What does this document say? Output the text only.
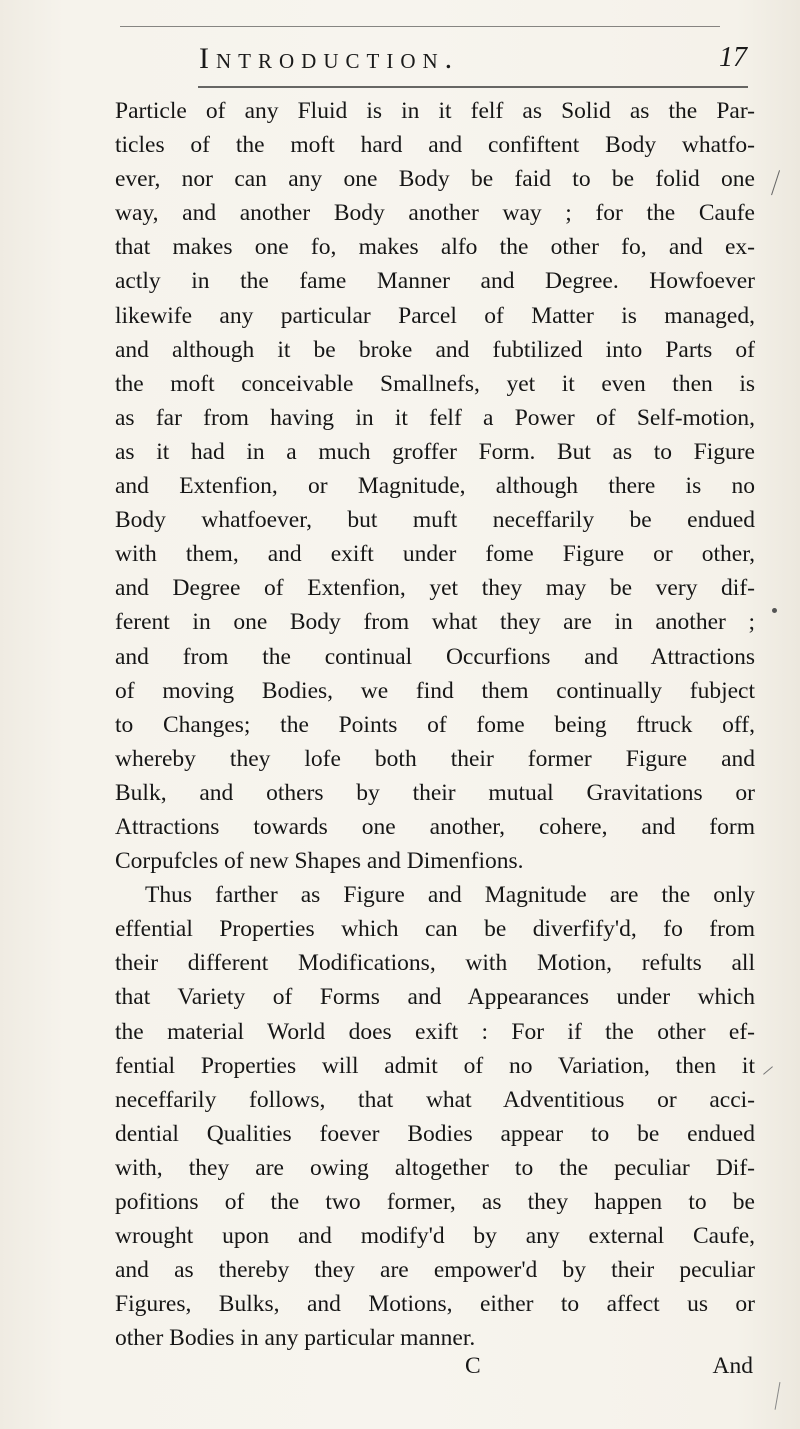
Introduction.	17
Particle of any Fluid is in it felf as Solid as the Par-
ticles of the moft hard and confiftent Body whatfo-
ever, nor can any one Body be faid to be folid one
way, and another Body another way ; for the Caufe
that makes one fo, makes alfo the other fo, and ex-
actly in the fame Manner and Degree. Howfoever
likewife any particular Parcel of Matter is managed,
and although it be broke and fubtilized into Parts of
the moft conceivable Smallnefs, yet it even then is
as far from having in it felf a Power of Self-motion,
as it had in a much groffer Form. But as to Figure
and Extenfion, or Magnitude, although there is no
Body whatfoever, but muft neceffarily be endued
with them, and exift under fome Figure or other,
and Degree of Extenfion, yet they may be very dif-
ferent in one Body from what they are in another ;
and from the continual Occurfions and Attractions
of moving Bodies, we find them continually fubject
to Changes; the Points of fome being ftruck off,
whereby they lofe both their former Figure and
Bulk, and others by their mutual Gravitations or
Attractions towards one another, cohere, and form
Corpufcles of new Shapes and Dimenfions.
Thus farther as Figure and Magnitude are the only
effential Properties which can be diverfify'd, fo from
their different Modifications, with Motion, refults all
that Variety of Forms and Appearances under which
the material World does exift : For if the other ef-
fential Properties will admit of no Variation, then it
neceffarily follows, that what Adventitious or acci-
dential Qualities foever Bodies appear to be endued
with, they are owing altogether to the peculiar Dif-
pofitions of the two former, as they happen to be
wrought upon and modify'd by any external Caufe,
and as thereby they are empower'd by their peculiar
Figures, Bulks, and Motions, either to affect us or
other Bodies in any particular manner.
C	And
